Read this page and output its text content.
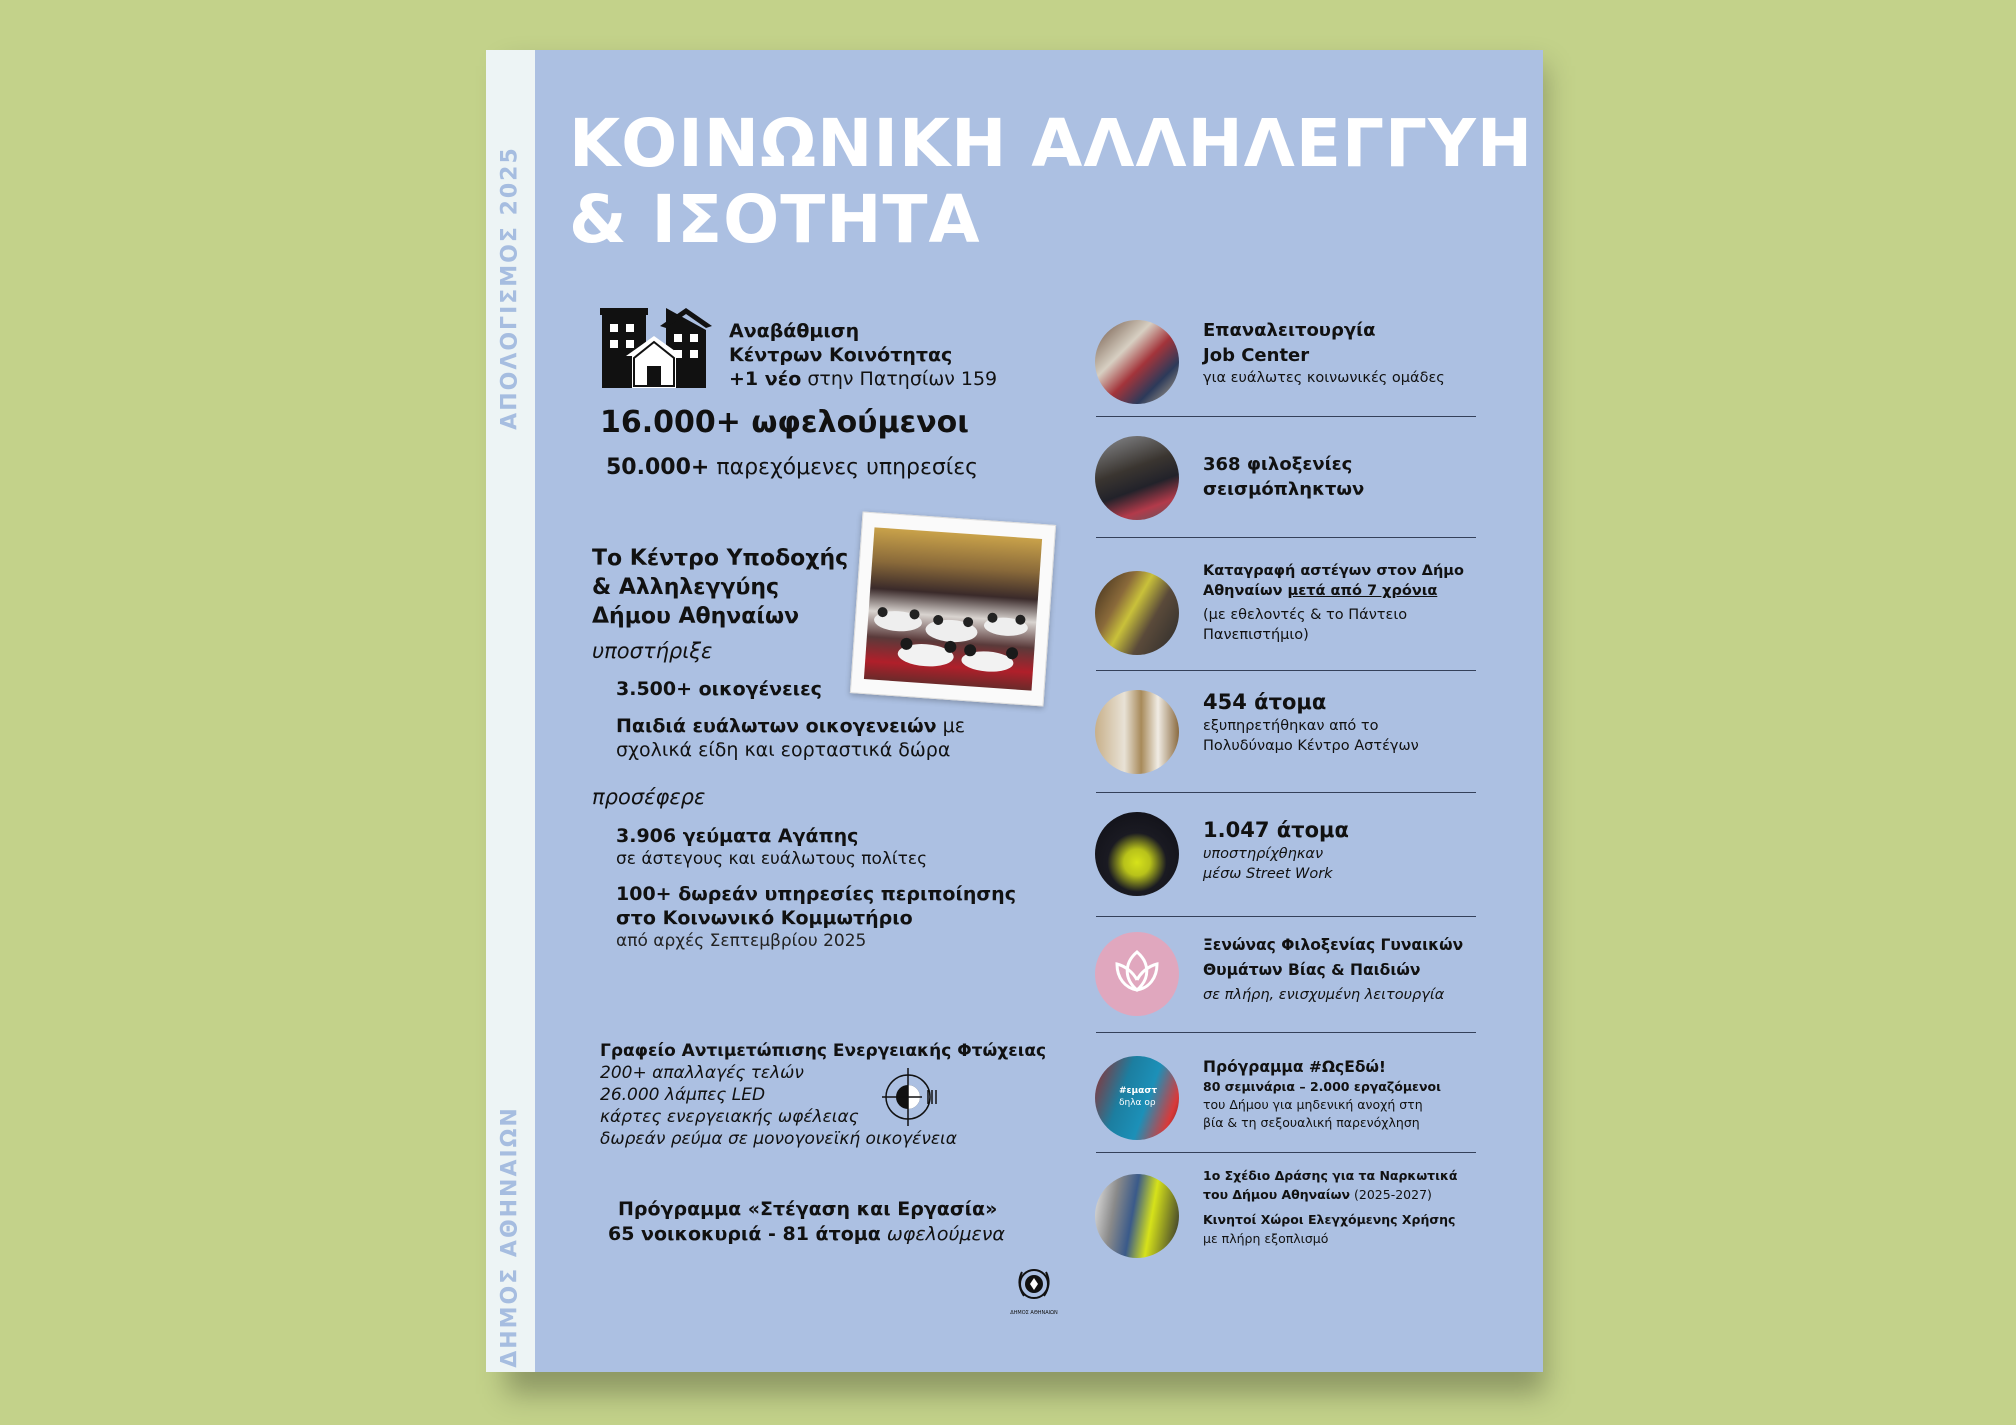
ΑΠΟΛΟΓΙΣΜΟΣ 2025
ΔΗΜΟΣ ΑΘΗΝΑΙΩΝ
ΚΟΙΝΩΝΙΚΗ ΑΛΛΗΛΕΓΓΥΗ
& ΙΣΟΤΗΤΑ
Αναβάθμιση
Κέντρων Κοινότητας
+1 νέο στην Πατησίων 159
16.000+ ωφελούμενοι
50.000+ παρεχόμενες υπηρεσίες
Το Κέντρο Υποδοχής
& Αλληλεγγύης
Δήμου Αθηναίων
υποστήριξε
3.500+ οικογένειες
Παιδιά ευάλωτων οικογενειών με
σχολικά είδη και εορταστικά δώρα
προσέφερε
3.906 γεύματα Αγάπης
σε άστεγους και ευάλωτους πολίτες
100+ δωρεάν υπηρεσίες περιποίησης
στο Κοινωνικό Κομμωτήριο
από αρχές Σεπτεμβρίου 2025
Γραφείο Αντιμετώπισης Ενεργειακής Φτώχειας
200+ απαλλαγές τελών
26.000 λάμπες LED
κάρτες ενεργειακής ωφέλειας
δωρεάν ρεύμα σε μονογονεϊκή οικογένεια
Πρόγραμμα «Στέγαση και Εργασία»
65 νοικοκυριά - 81 άτομα ωφελούμενα
ΔΗΜΟΣ ΑΘΗΝΑΙΩΝ
Επαναλειτουργία
Job Center
για ευάλωτες κοινωνικές ομάδες
368 φιλοξενίες
σεισμόπληκτων
Καταγραφή αστέγων στον Δήμο
Αθηναίων μετά από 7 χρόνια
(με εθελοντές & το Πάντειο Πανεπιστήμιο)
454 άτομα
εξυπηρετήθηκαν από το
Πολυδύναμο Κέντρο Αστέγων
1.047 άτομα
υποστηρίχθηκαν
μέσω Street Work
Ξενώνας Φιλοξενίας Γυναικών
Θυμάτων Βίας & Παιδιών
σε πλήρη, ενισχυμένη λειτουργία
#εμαστ
δηλα ορ
Πρόγραμμα #ΩςΕδώ!
80 σεμινάρια – 2.000 εργαζόμενοι
του Δήμου για μηδενική ανοχή στη
βία & τη σεξουαλική παρενόχληση
1ο Σχέδιο Δράσης για τα Ναρκωτικά
του Δήμου Αθηναίων (2025-2027)
Κινητοί Χώροι Ελεγχόμενης Χρήσης
με πλήρη εξοπλισμό
